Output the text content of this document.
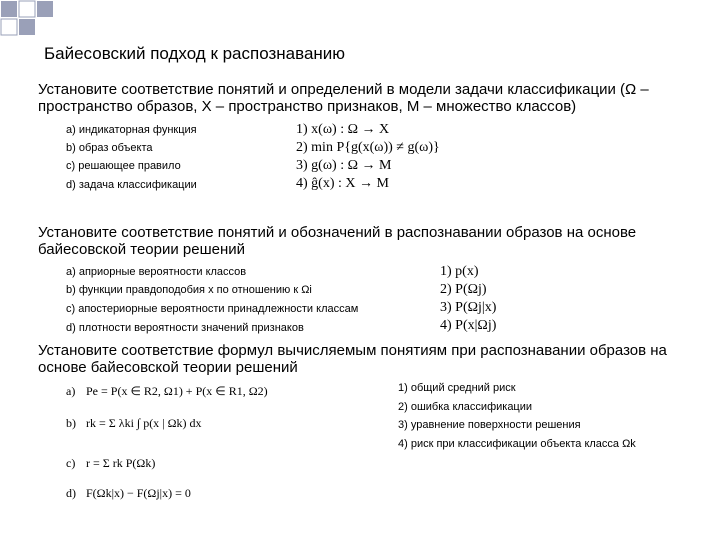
Байесовский подход к распознаванию
Установите соответствие понятий и определений в модели задачи классификации (Ω – пространство образов, X – пространство признаков, M – множество классов)
a) индикаторная функция
b) образ объекта
c) решающее правило
d) задача классификации
1) x(ω) : Ω → X
2) min P{g(x(ω)) ≠ g(ω)}
3) g(ω) : Ω → M
4) ĝ(x) : X → M
Установите соответствие понятий и обозначений в распознавании образов на основе байесовской теории решений
a) априорные вероятности классов
b) функции правдоподобия x по отношению к Ωi
c) апостериорные вероятности принадлежности классам
d) плотности вероятности значений признаков
1) p(x)
2) P(Ωj)
3) P(Ωj|x)
4) P(x|Ωj)
Установите соответствие формул вычисляемым понятиям при распознавании образов на основе байесовской теории решений
1) общий средний риск
2) ошибка классификации
3) уравнение поверхности решения
4) риск при классификации объекта класса Ωk
a) Pe = P(x ∈ R2, Ω1) + P(x ∈ R1, Ω2)
b) rk = Σ λki ∫ p(x | Ωk) dx
c) r = Σ rk P(Ωk)
d) F(Ωk|x) − F(Ωj|x) = 0
